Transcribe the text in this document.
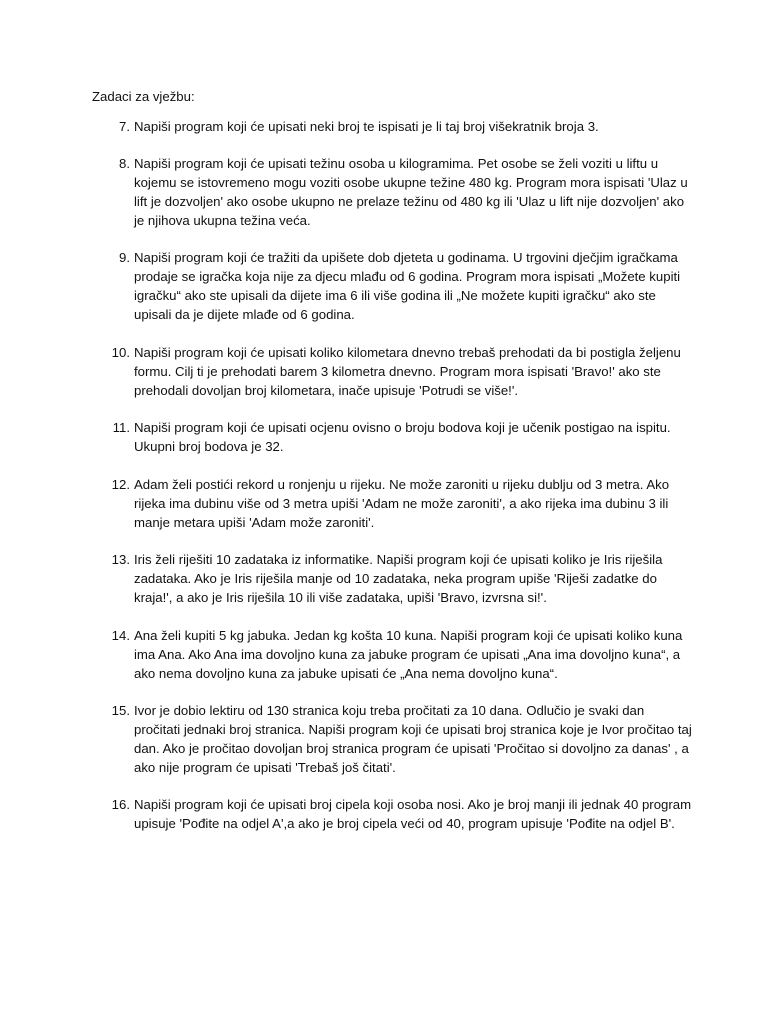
Zadaci za vježbu:
7. Napiši program koji će upisati neki broj te ispisati je li taj broj višekratnik broja 3.
8. Napiši program koji će upisati težinu osoba u kilogramima. Pet osobe se želi voziti u liftu u kojemu se istovremeno mogu voziti osobe ukupne težine 480 kg. Program mora ispisati 'Ulaz u lift je dozvoljen' ako osobe ukupno ne prelaze težinu od 480 kg ili 'Ulaz u lift nije dozvoljen' ako je njihova ukupna težina veća.
9. Napiši program koji će tražiti da upišete dob djeteta u godinama. U trgovini dječjim igračkama prodaje se igračka koja nije za djecu mlađu od 6 godina. Program mora ispisati „Možete kupiti igračku“ ako ste upisali da dijete ima 6 ili više godina ili „Ne možete kupiti igračku“ ako ste upisali da je dijete mlađe od 6 godina.
10. Napiši program koji će upisati koliko kilometara dnevno trebaš prehodati da bi postigla željenu formu. Cilj ti je prehodati barem 3 kilometra dnevno. Program mora ispisati 'Bravo!' ako ste prehodali dovoljan broj kilometara, inače upisuje 'Potrudi se više!'.
11. Napiši program koji će upisati ocjenu ovisno o broju bodova koji je učenik postigao na ispitu. Ukupni broj bodova je 32.
12. Adam želi postići rekord u ronjenju u rijeku. Ne može zaroniti u rijeku dublju od 3 metra. Ako rijeka ima dubinu više od 3 metra upiši 'Adam ne može zaroniti', a ako rijeka ima dubinu 3 ili manje metara upiši 'Adam može zaroniti'.
13. Iris želi riješiti 10 zadataka iz informatike. Napiši program koji će upisati koliko je Iris riješila zadataka. Ako je Iris riješila manje od 10 zadataka, neka program upiše 'Riješi zadatke do kraja!', a ako je Iris riješila 10 ili više zadataka, upiši 'Bravo, izvrsna si!'.
14. Ana želi kupiti 5 kg jabuka. Jedan kg košta 10 kuna. Napiši program koji će upisati koliko kuna ima Ana. Ako Ana ima dovoljno kuna za jabuke program će upisati „Ana ima dovoljno kuna“, a ako nema dovoljno kuna za jabuke upisati će „Ana nema dovoljno kuna“.
15. Ivor je dobio lektiru od 130 stranica koju treba pročitati za 10 dana. Odlučio je svaki dan pročitati jednaki broj stranica. Napiši program koji će upisati broj stranica koje je Ivor pročitao taj dan. Ako je pročitao dovoljan broj stranica program će upisati 'Pročitao si dovoljno za danas' , a ako nije program će upisati 'Trebaš još čitati'.
16. Napiši program koji će upisati broj cipela koji osoba nosi. Ako je broj manji ili jednak 40 program upisuje 'Pođite na odjel A',a ako je broj cipela veći od 40, program upisuje 'Pođite na odjel B'.
